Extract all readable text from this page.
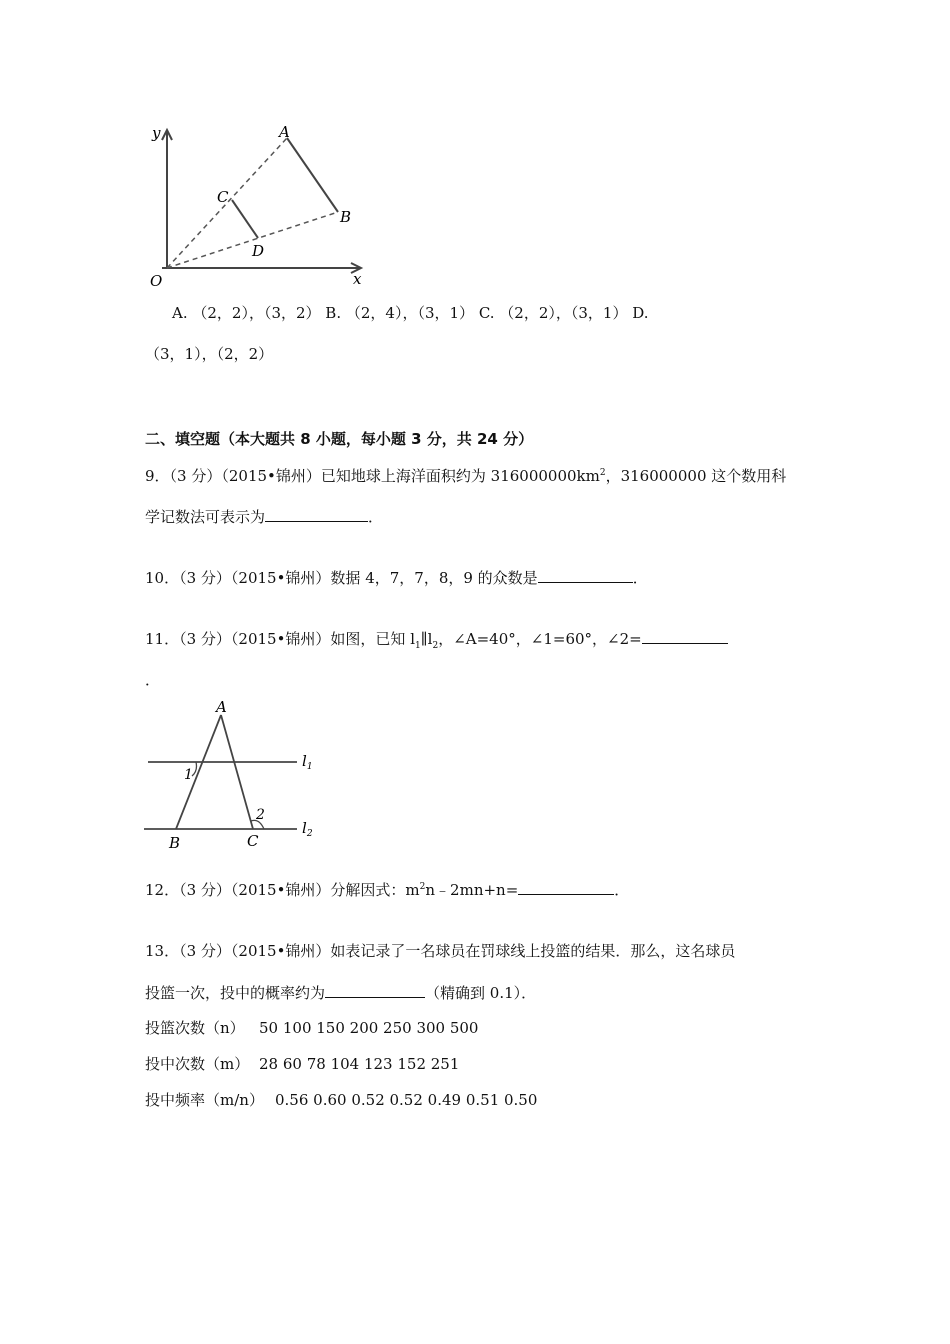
y
x
O
A
B
C
D
A. （2，2），（3，2） B. （2，4），（3，1） C. （2，2），（3，1） D.
（3，1），（2，2）
二、填空题（本大题共 8 小题，每小题 3 分，共 24 分）
9．（3 分）（2015•锦州）已知地球上海洋面积约为 $316000000km^2$，316000000 这个数用科
学记数法可表示为	．
10．（3 分）（2015•锦州）数据 4，7，7，8，9 的众数是	．
11．（3 分）（2015•锦州）如图，已知 $l_1\parallel l_2$，∠A=40°，∠1=60°，∠2=
．
A
B	C
1
2
$l_1$
$l_2$
12．（3 分）（2015•锦州）分解因式：$m^2n﹣2mn+n=$	．
13．（3 分）（2015•锦州）如表记录了一名球员在罚球线上投篮的结果．那么，这名球员
投篮一次，投中的概率约为	（精确到 0.1）．
投篮次数（n） 50 100 150 200 250 300 500
投中次数（m） 28 60 78 104 123 152 251
投中频率（m/n） 0.56 0.60 0.52 0.52 0.49 0.51 0.50
